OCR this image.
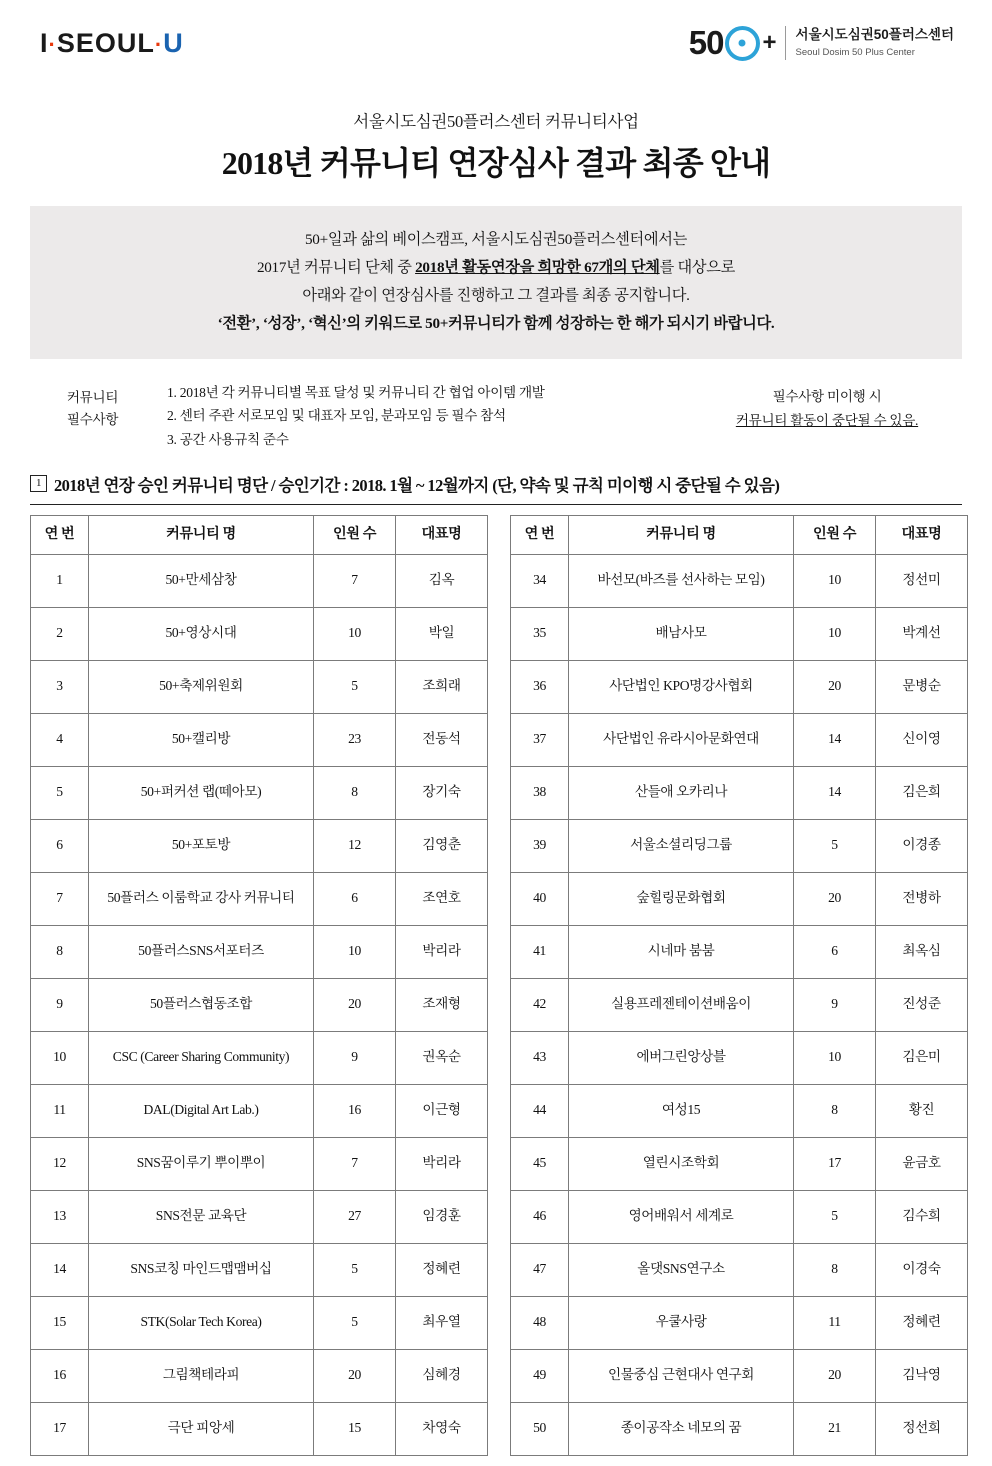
I·SEOUL·U	50 + 서울시도심권50플러스센터
Seoul Dosim 50 Plus Center
서울시도심권50플러스센터 커뮤니티사업
2018년 커뮤니티 연장심사 결과 최종 안내
50+일과 삶의 베이스캠프, 서울시도심권50플러스센터에서는
2017년 커뮤니티 단체 중 2018년 활동연장을 희망한 67개의 단체를 대상으로
아래와 같이 연장심사를 진행하고 그 결과를 최종 공지합니다.
‘전환’, ‘성장’, ‘혁신’의 키워드로 50+커뮤니티가 함께 성장하는 한 해가 되시기 바랍니다.
커뮤니티
필수사항
1. 2018년 각 커뮤니티별 목표 달성 및 커뮤니티 간 협업 아이템 개발
2. 센터 주관 서로모임 및 대표자 모임, 분과모임 등 필수 참석
3. 공간 사용규칙 준수
필수사항 미이행 시
커뮤니티 활동이 중단될 수 있음.
1 2018년 연장 승인 커뮤니티 명단 / 승인기간 : 2018. 1월 ~ 12월까지 (단, 약속 및 규칙 미이행 시 중단될 수 있음)
연 번	커뮤니티 명	인원 수	대표명
1	50+만세삼창	7	김옥
2	50+영상시대	10	박일
3	50+축제위원회	5	조희래
4	50+캘리방	23	전동석
5	50+퍼커션 랩(떼아모)	8	장기숙
6	50+포토방	12	김영춘
7	50플러스 이룸학교 강사 커뮤니티	6	조연호
8	50플러스SNS서포터즈	10	박리라
9	50플러스협동조합	20	조재형
10	CSC (Career Sharing Community)	9	권옥순
11	DAL(Digital Art Lab.)	16	이근형
12	SNS꿈이루기 뿌이뿌이	7	박리라
13	SNS전문 교육단	27	임경훈
14	SNS코칭 마인드맵맴버십	5	정혜련
15	STK(Solar Tech Korea)	5	최우열
16	그림책테라피	20	심혜경
17	극단 피앙세	15	차영숙
연 번	커뮤니티 명	인원 수	대표명
34	바선모(바즈를 선사하는 모임)	10	정선미
35	배남사모	10	박계선
36	사단법인 KPO명강사협회	20	문병순
37	사단법인 유라시아문화연대	14	신이영
38	산들애 오카리나	14	김은희
39	서울소셜리딩그룹	5	이경종
40	숲힐링문화협회	20	전병하
41	시네마 붐붐	6	최옥심
42	실용프레젠테이션배움이	9	진성준
43	에버그린앙상블	10	김은미
44	여성15	8	황진
45	열린시조학회	17	윤금호
46	영어배워서 세계로	5	김수희
47	올댓SNS연구소	8	이경숙
48	우쿨사랑	11	정혜련
49	인물중심 근현대사 연구회	20	김낙영
50	종이공작소 네모의 꿈	21	정선희
